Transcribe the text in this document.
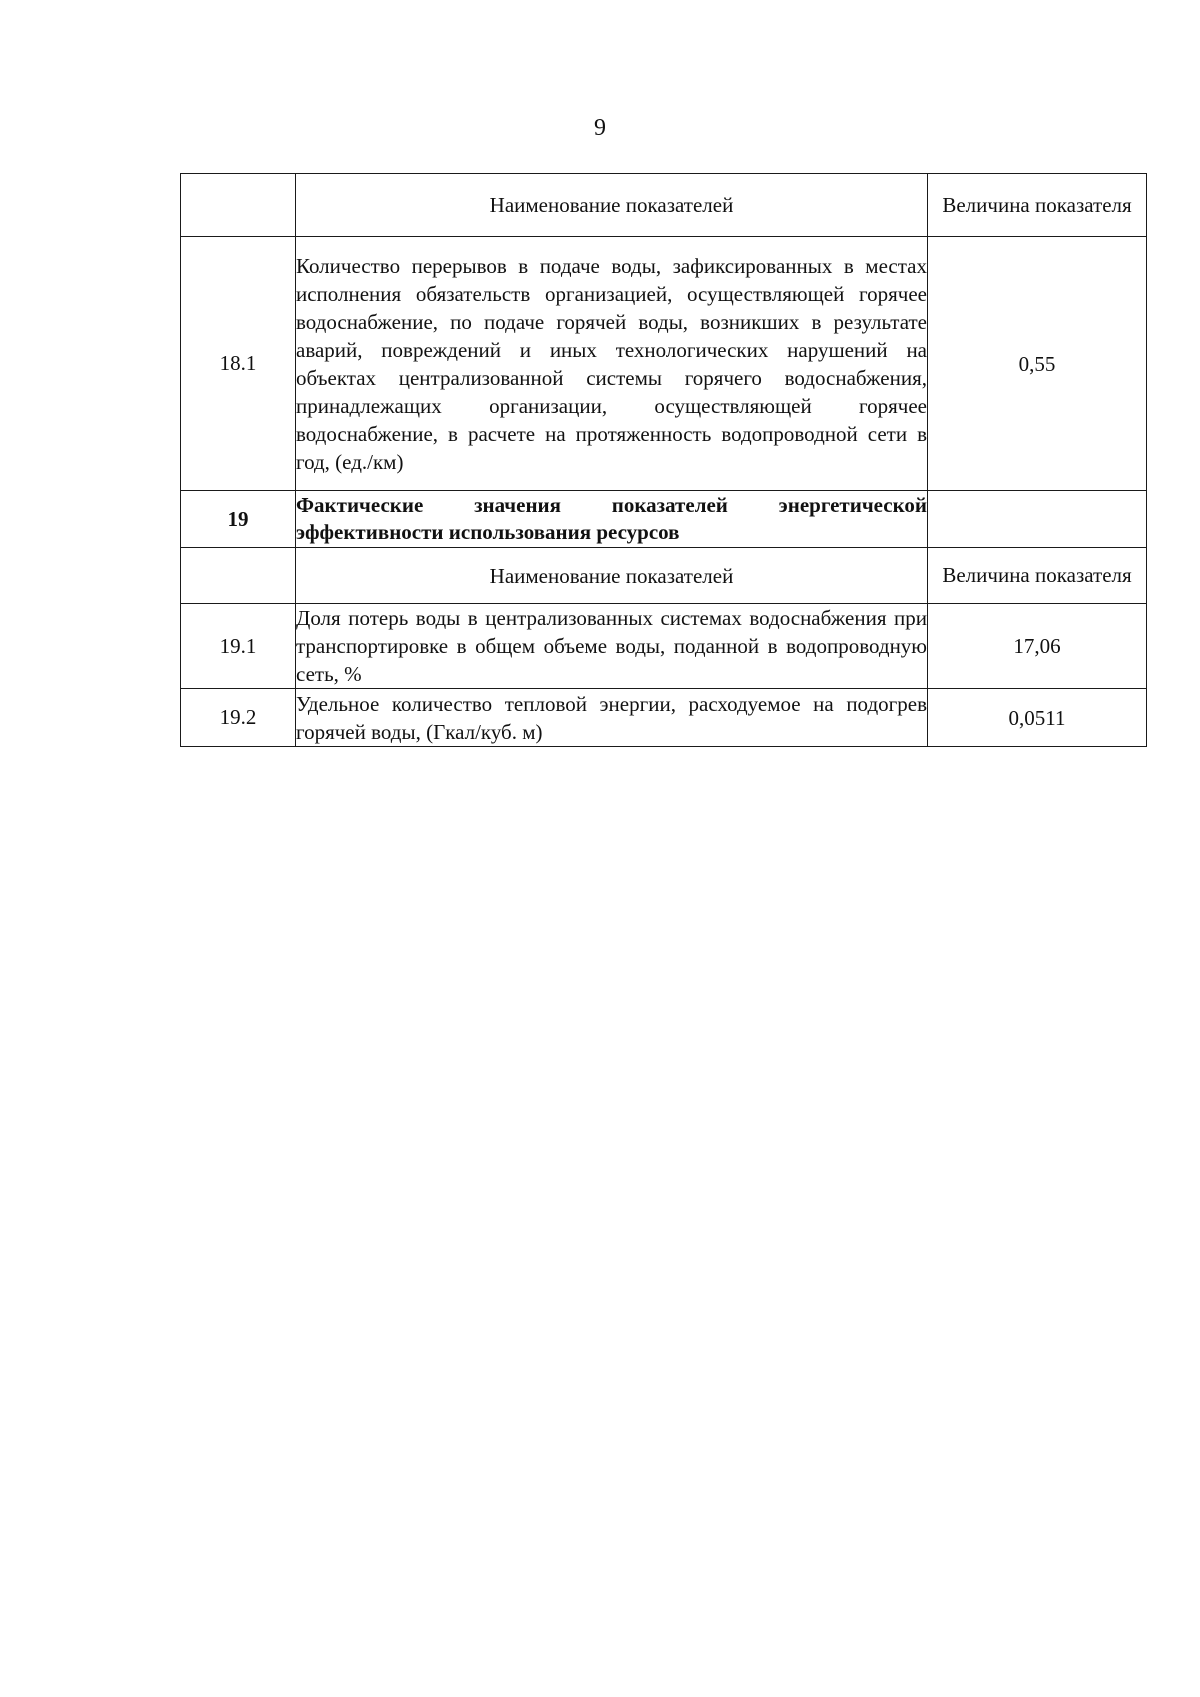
9
	Наименование показателей	Величина показателя
18.1	Количество перерывов в подаче воды, зафиксированных в местах исполнения обязательств организацией, осуществляющей горячее водоснабжение, по подаче горячей воды, возникших в результате аварий, повреждений и иных технологических нарушений на объектах централизованной системы горячего водоснабжения, принадлежащих организации, осуществляющей горячее водоснабжение, в расчете на протяженность водопроводной сети в год, (ед./км)	0,55
19	Фактические значения показателей энергетической эффективности использования ресурсов	
	Наименование показателей	Величина показателя
19.1	Доля потерь воды в централизованных системах водоснабжения при транспортировке в общем объеме воды, поданной в водопроводную сеть, %	17,06
19.2	Удельное количество тепловой энергии, расходуемое на подогрев горячей воды, (Гкал/куб. м)	0,0511
